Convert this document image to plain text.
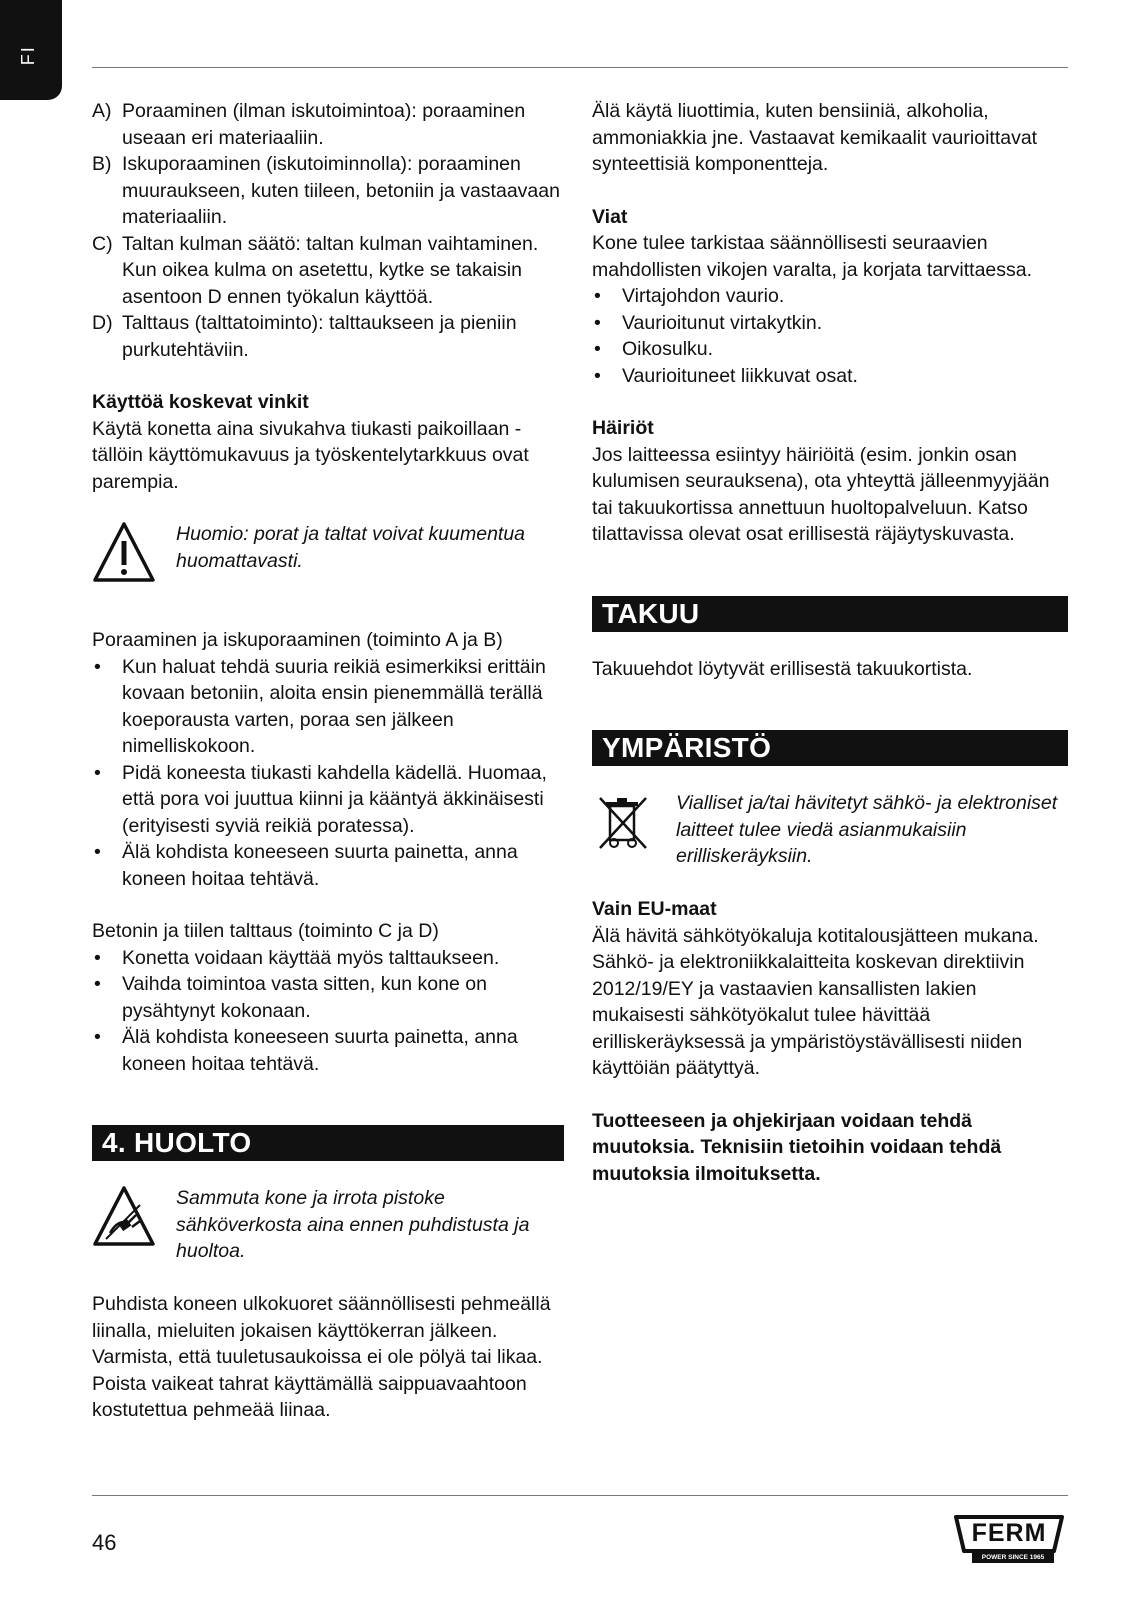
FI
A) Poraaminen (ilman iskutoimintoa): poraaminen useaan eri materiaaliin.
B) Iskuporaaminen (iskutoiminnolla): poraaminen muuraukseen, kuten tiileen, betoniin ja vastaavaan materiaaliin.
C) Taltan kulman säätö: taltan kulman vaihtaminen. Kun oikea kulma on asetettu, kytke se takaisin asentoon D ennen työkalun käyttöä.
D) Talttaus (talttatoiminto): talttaukseen ja pieniin purkutehtäviin.

Käyttöä koskevat vinkit

Käytä konetta aina sivukahva tiukasti paikoillaan - tällöin käyttömukavuus ja työskentelytarkkuus ovat parempia.

Huomio: porat ja taltat voivat kuumentua huomattavasti.

Poraaminen ja iskuporaaminen (toiminto A ja B)

• Kun haluat tehdä suuria reikiä esimerkiksi erittäin kovaan betoniin, aloita ensin pienemmällä terällä koeporausta varten, poraa sen jälkeen nimelliskokoon.
• Pidä koneesta tiukasti kahdella kädellä. Huomaa, että pora voi juuttua kiinni ja kääntyä äkkinäisesti (erityisesti syviä reikiä poratessa).
• Älä kohdista koneeseen suurta painetta, anna koneen hoitaa tehtävä.

Betonin ja tiilen talttaus (toiminto C ja D)

• Konetta voidaan käyttää myös talttaukseen.
• Vaihda toimintoa vasta sitten, kun kone on pysähtynyt kokonaan.
• Älä kohdista koneeseen suurta painetta, anna koneen hoitaa tehtävä.
4. HUOLTO

Sammuta kone ja irrota pistoke sähköverkosta aina ennen puhdistusta ja huoltoa.

Puhdista koneen ulkokuoret säännöllisesti pehmeällä liinalla, mieluiten jokaisen käyttökerran jälkeen. Varmista, että tuuletusaukoissa ei ole pölyä tai likaa. Poista vaikeat tahrat käyttämällä saippuavaahtoon kostutettua pehmeää liinaa.

Älä käytä liuottimia, kuten bensiiniä, alkoholia, ammoniakkia jne. Vastaavat kemikaalit vaurioittavat synteettisiä komponentteja.

Viat

Kone tulee tarkistaa säännöllisesti seuraavien mahdollisten vikojen varalta, ja korjata tarvittaessa.

• Virtajohdon vaurio.
• Vaurioitunut virtakytkin.
• Oikosulku.
• Vaurioituneet liikkuvat osat.

Häiriöt

Jos laitteessa esiintyy häiriöitä (esim. jonkin osan kulumisen seurauksena), ota yhteyttä jälleenmyyjään tai takuukortissa annettuun huoltopalveluun. Katso tilattavissa olevat osat erillisestä räjäytyskuvasta.

TAKUU

Takuuehdot löytyvät erillisestä takuukortista.

YMPÄRISTÖ

Vialliset ja/tai hävitetyt sähkö- ja elektroniset laitteet tulee viedä asianmukaisiin erilliskeräyksiin.

Vain EU-maat

Älä hävitä sähkötyökaluja kotitalousjätteen mukana. Sähkö- ja elektroniikkalaitteita koskevan direktiivin 2012/19/EY ja vastaavien kansallisten lakien mukaisesti sähkötyökalut tulee hävittää erilliskeräyksessä ja ympäristöystävällisesti niiden käyttöiän päätyttyä.

Tuotteeseen ja ohjekirjaan voidaan tehdä muutoksia. Teknisiin tietoihin voidaan tehdä muutoksia ilmoituksetta.

46	FERM
POWER SINCE 1965
